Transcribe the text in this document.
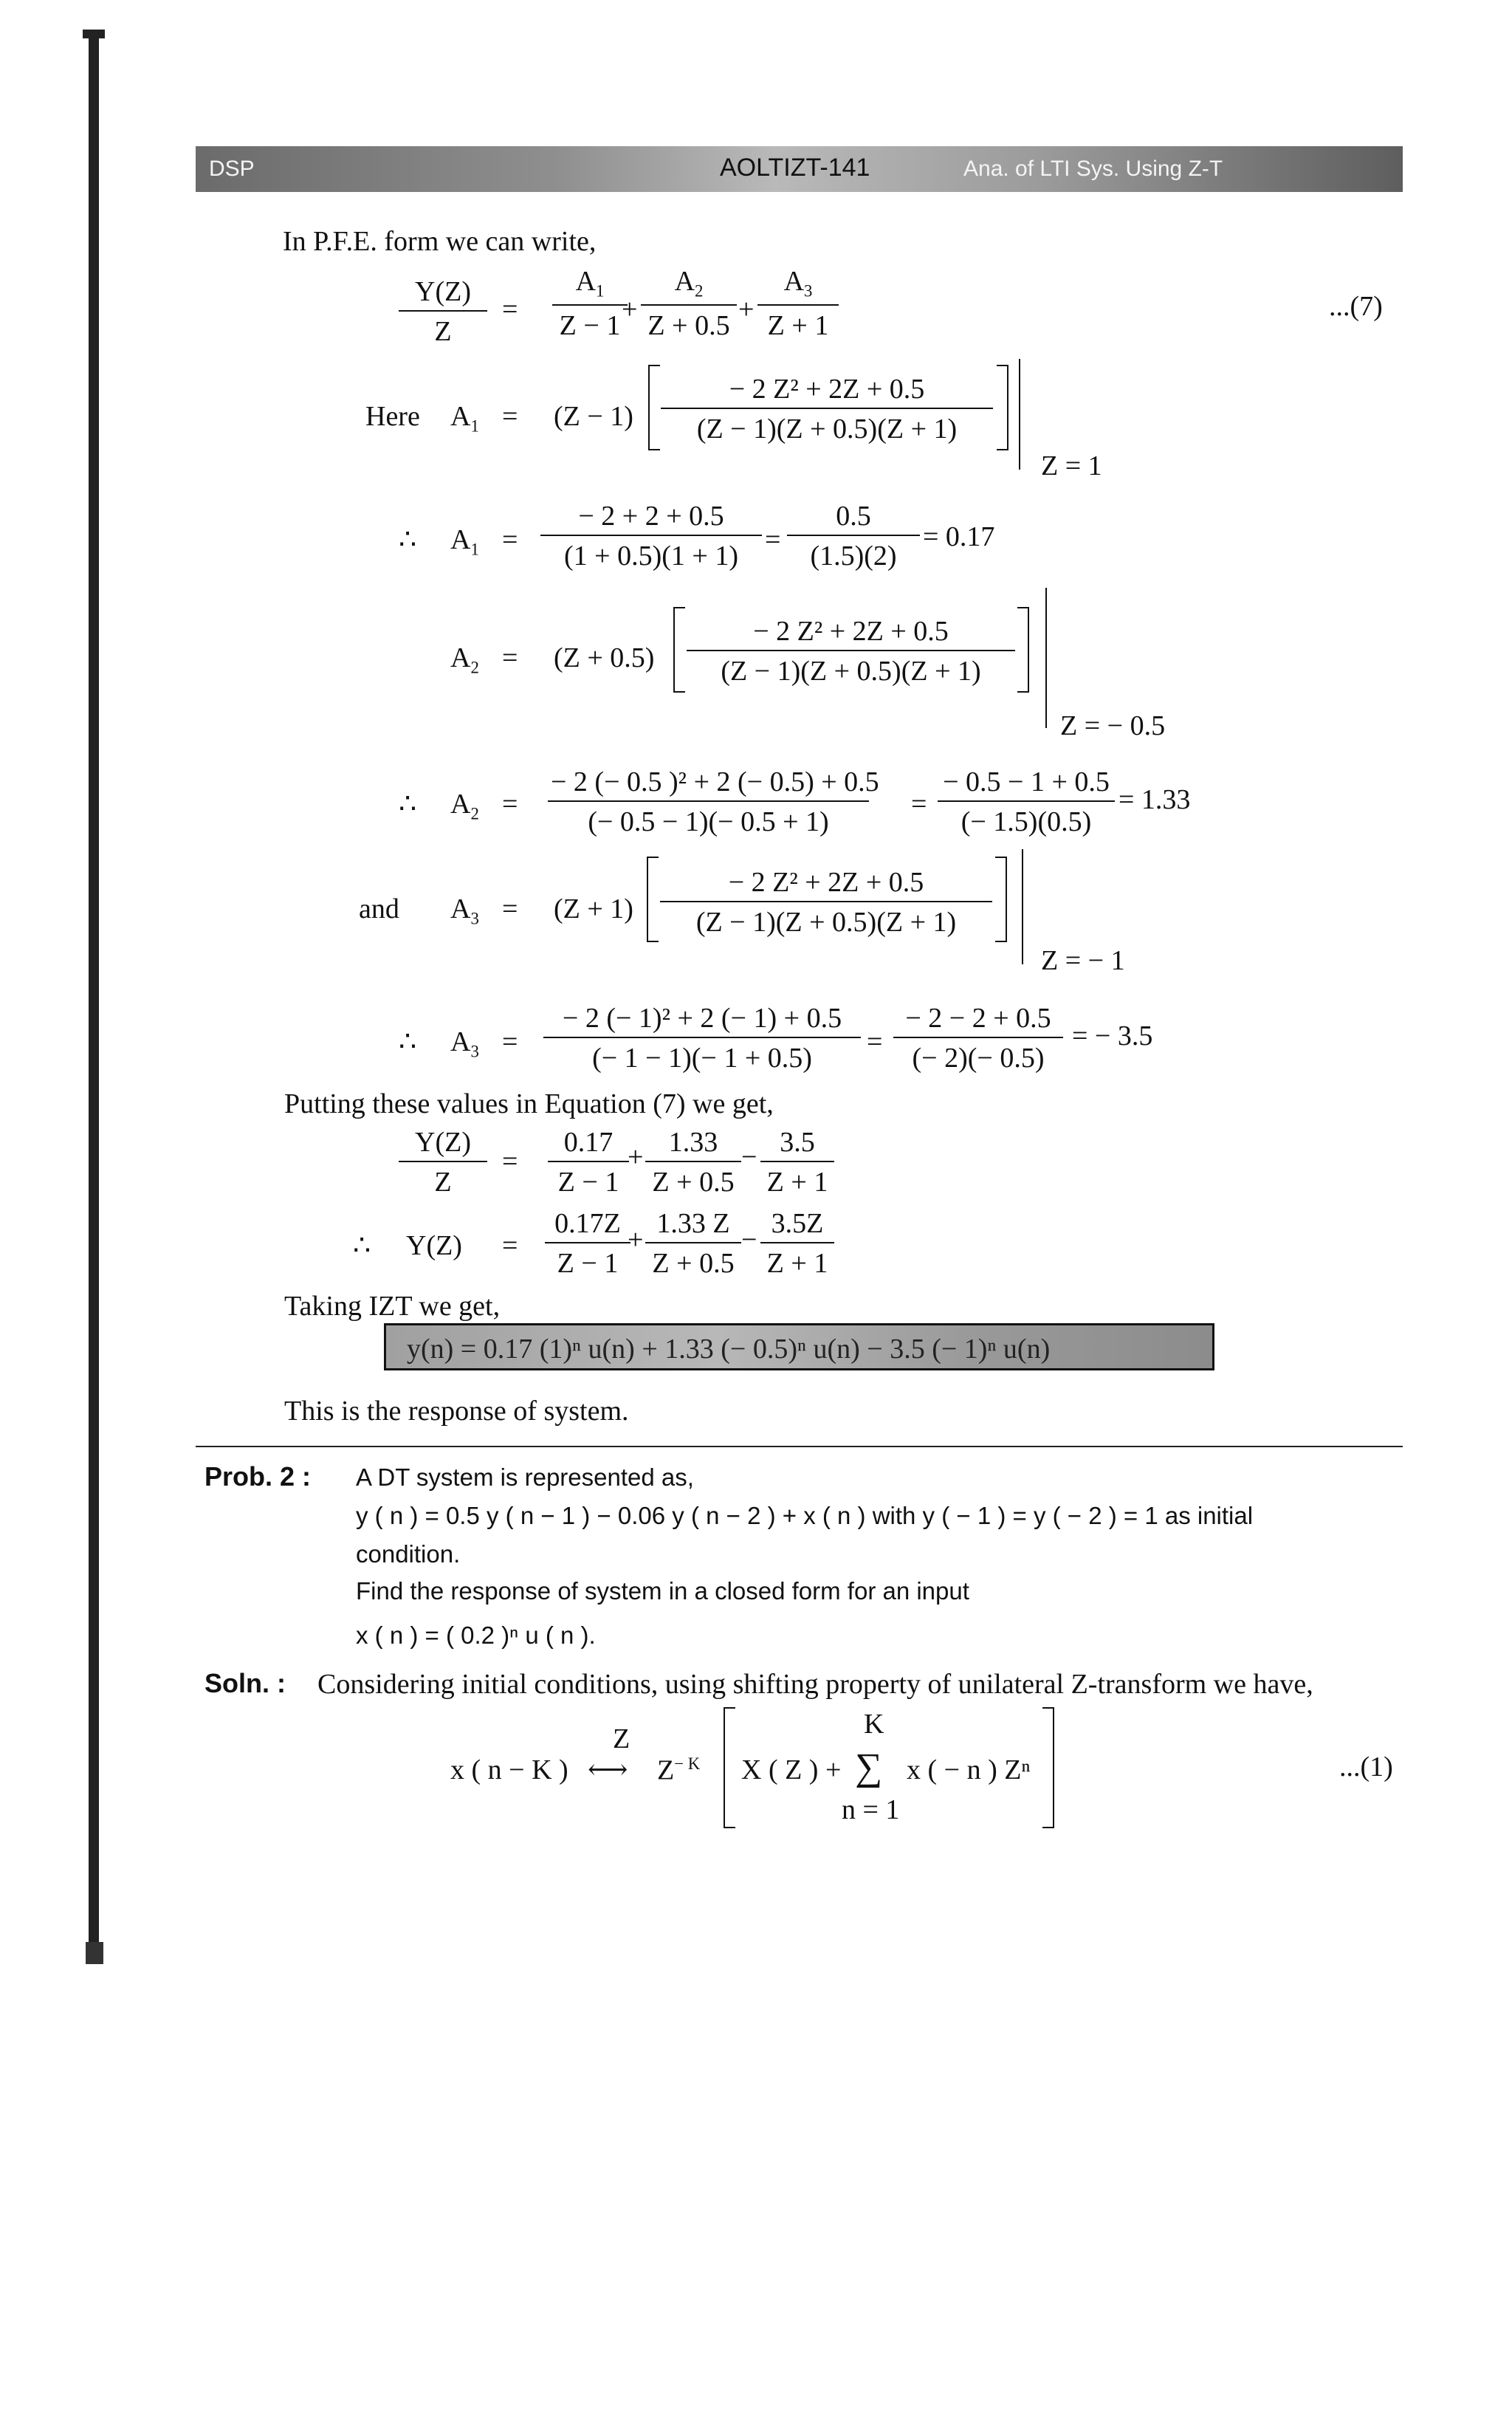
DSP	AOLTIZT-141	Ana. of LTI Sys. Using Z-T
In P.F.E. form we can write,
$\frac{Y(Z)}{Z} = \frac{A_1}{Z - 1}$
+ $\frac{A_2}{Z + 0.5} + \frac{A_3}{Z + 1}$	...(7)
Here $A_1 = (Z - 1) \frac{\text{− 2 Z² + 2Z + 0.5}}{(Z - 1)(Z + 0.5)(Z + 1)}$
Z = 1
∴ $A_1 = \frac{- 2 + 2 + 0.5}{(1 + 0.5)(1 + 1)} = \frac{0.5}{(1.5)(2)} = 0.17$
$A_2 = (Z + 0.5) \frac{\text{− 2 Z² + 2Z + 0.5}}{(Z - 1)(Z + 0.5)(Z + 1)}$
Z = − 0.5
∴ $A_2 = \frac{\text{− 2 (− 0.5 )² + 2 (− 0.5) + 0.5}}{(- 0.5 - 1)(- 0.5 + 1)} = \frac{- 0.5 - 1 + 0.5}{(- 1.5)(0.5)} = 1.33$
and $A_3 = (Z + 1) \frac{\text{− 2 Z² + 2Z + 0.5}}{(Z - 1)(Z + 0.5)(Z + 1)}$
Z = − 1
∴ $A_3 = \frac{\text{− 2 (− 1)² + 2 (− 1) + 0.5}}{(- 1 - 1)(- 1 + 0.5)} = \frac{- 2 - 2 + 0.5}{(- 2)(- 0.5)}$ = − 3.5
Putting these values in Equation (7) we get,
$\frac{Y(Z)}{Z} = \frac{0.17}{Z - 1}$
+ $\frac{1.33}{Z + 0.5} - \frac{3.5}{Z + 1}$
∴ $Y(Z) = \frac{0.17Z}{Z - 1}$
+ $\frac{1.33 Z}{Z + 0.5} - \frac{3.5Z}{Z + 1}$
Taking IZT we get,
y(n) = 0.17 (1)ⁿ u(n) + 1.33 (− 0.5)ⁿ u(n) − 3.5 (− 1)ⁿ u(n)
This is the response of system.
Prob. 2 : A DT system is represented as,
y ( n ) = 0.5 y ( n − 1 ) − 0.06 y ( n − 2 ) + x ( n ) with y ( − 1 ) = y ( − 2 ) = 1 as initial
condition.
Find the response of system in a closed form for an input
x ( n ) = ( 0.2 )ⁿ u ( n ).
Soln. : Considering initial conditions, using shifting property of unilateral Z-transform we have,
x ( n − K )
Z
⟷ $Z^{- K}$ X ( Z ) +
K
∑
n = 1
x ( − n ) Zⁿ	...(1)
